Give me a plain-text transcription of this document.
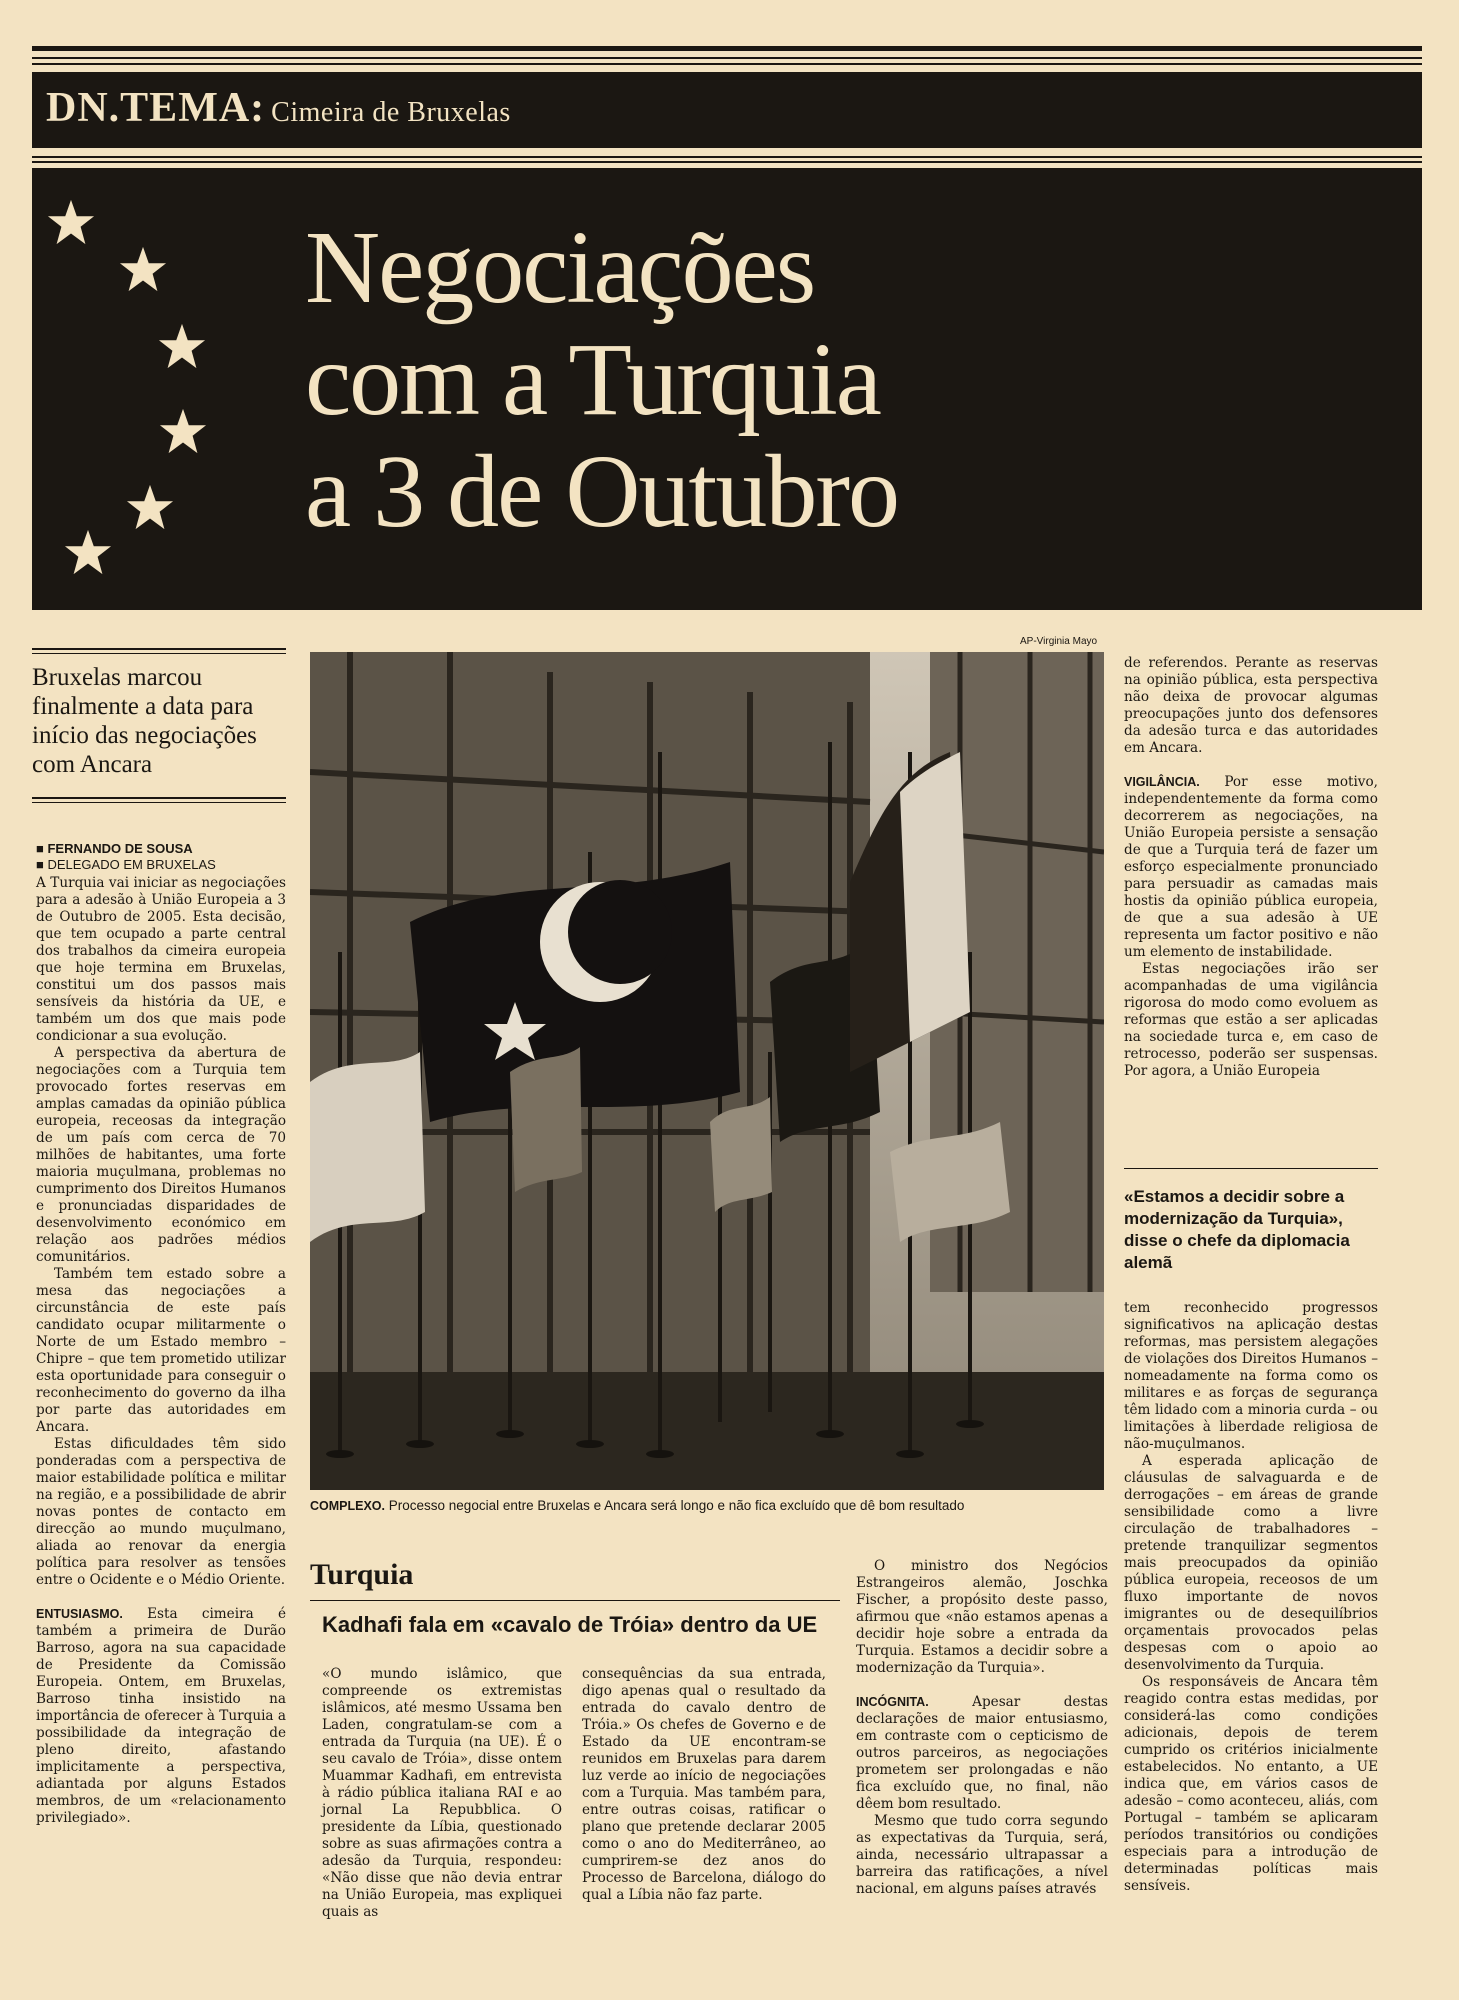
DN.TEMA: Cimeira de Bruxelas
Negociações
com a Turquia
a 3 de Outubro
Bruxelas marcou finalmente a data para início das negociações com Ancara
■ FERNANDO DE SOUSA
■ DELEGADO EM BRUXELAS

A Turquia vai iniciar as negociações para a adesão à União Europeia a 3 de Outubro de 2005. Esta decisão, que tem ocupado a parte central dos trabalhos da cimeira europeia que hoje termina em Bruxelas, constitui um dos passos mais sensíveis da história da UE, e também um dos que mais pode condicionar a sua evolução.

A perspectiva da abertura de negociações com a Turquia tem provocado fortes reservas em amplas camadas da opinião pública europeia, receosas da integração de um país com cerca de 70 milhões de habitantes, uma forte maioria muçulmana, problemas no cumprimento dos Direitos Humanos e pronunciadas disparidades de desenvolvimento económico em relação aos padrões médios comunitários.

Também tem estado sobre a mesa das negociações a circunstância de este país candidato ocupar militarmente o Norte de um Estado membro – Chipre – que tem prometido utilizar esta oportunidade para conseguir o reconhecimento do governo da ilha por parte das autoridades em Ancara.

Estas dificuldades têm sido ponderadas com a perspectiva de maior estabilidade política e militar na região, e a possibilidade de abrir novas pontes de contacto em direcção ao mundo muçulmano, aliada ao renovar da energia política para resolver as tensões entre o Ocidente e o Médio Oriente.

ENTUSIASMO. Esta cimeira é também a primeira de Durão Barroso, agora na sua capacidade de Presidente da Comissão Europeia. Ontem, em Bruxelas, Barroso tinha insistido na importância de oferecer à Turquia a possibilidade da integração de pleno direito, afastando implicitamente a perspectiva, adiantada por alguns Estados membros, de um «relacionamento privilegiado».

AP-Virginia Mayo
COMPLEXO. Processo negocial entre Bruxelas e Ancara será longo e não fica excluído que dê bom resultado

de referendos. Perante as reservas na opinião pública, esta perspectiva não deixa de provocar algumas preocupações junto dos defensores da adesão turca e das autoridades em Ancara.

VIGILÂNCIA. Por esse motivo, independentemente da forma como decorrerem as negociações, na União Europeia persiste a sensação de que a Turquia terá de fazer um esforço especialmente pronunciado para persuadir as camadas mais hostis da opinião pública europeia, de que a sua adesão à UE representa um factor positivo e não um elemento de instabilidade.

Estas negociações irão ser acompanhadas de uma vigilância rigorosa do modo como evoluem as reformas que estão a ser aplicadas na sociedade turca e, em caso de retrocesso, poderão ser suspensas. Por agora, a União Europeia

«Estamos a decidir sobre a modernização da Turquia», disse o chefe da diplomacia alemã

tem reconhecido progressos significativos na aplicação destas reformas, mas persistem alegações de violações dos Direitos Humanos – nomeadamente na forma como os militares e as forças de segurança têm lidado com a minoria curda – ou limitações à liberdade religiosa de não-muçulmanos.

A esperada aplicação de cláusulas de salvaguarda e de derrogações – em áreas de grande sensibilidade como a livre circulação de trabalhadores – pretende tranquilizar segmentos mais preocupados da opinião pública europeia, receosos de um fluxo importante de novos imigrantes ou de desequilíbrios orçamentais provocados pelas despesas com o apoio ao desenvolvimento da Turquia.

Os responsáveis de Ancara têm reagido contra estas medidas, por considerá-las como condições adicionais, depois de terem cumprido os critérios inicialmente estabelecidos. No entanto, a UE indica que, em vários casos de adesão – como aconteceu, aliás, com Portugal – também se aplicaram períodos transitórios ou condições especiais para a introdução de determinadas políticas mais sensíveis.

Turquia
Kadhafi fala em «cavalo de Tróia» dentro da UE

«O mundo islâmico, que compreende os extremistas islâmicos, até mesmo Ussama ben Laden, congratulam-se com a entrada da Turquia (na UE). É o seu cavalo de Tróia», disse ontem Muammar Kadhafi, em entrevista à rádio pública italiana RAI e ao jornal La Repubblica. O presidente da Líbia, questionado sobre as suas afirmações contra a adesão da Turquia, respondeu: «Não disse que não devia entrar na União Europeia, mas expliquei quais as

consequências da sua entrada, digo apenas qual o resultado da entrada do cavalo dentro de Tróia.» Os chefes de Governo e de Estado da UE encontram-se reunidos em Bruxelas para darem luz verde ao início de negociações com a Turquia. Mas também para, entre outras coisas, ratificar o plano que pretende declarar 2005 como o ano do Mediterrâneo, ao cumprirem-se dez anos do Processo de Barcelona, diálogo do qual a Líbia não faz parte.

O ministro dos Negócios Estrangeiros alemão, Joschka Fischer, a propósito deste passo, afirmou que «não estamos apenas a decidir hoje sobre a entrada da Turquia. Estamos a decidir sobre a modernização da Turquia».

INCÓGNITA. Apesar destas declarações de maior entusiasmo, em contraste com o cepticismo de outros parceiros, as negociações prometem ser prolongadas e não fica excluído que, no final, não dêem bom resultado.

Mesmo que tudo corra segundo as expectativas da Turquia, será, ainda, necessário ultrapassar a barreira das ratificações, a nível nacional, em alguns países através
